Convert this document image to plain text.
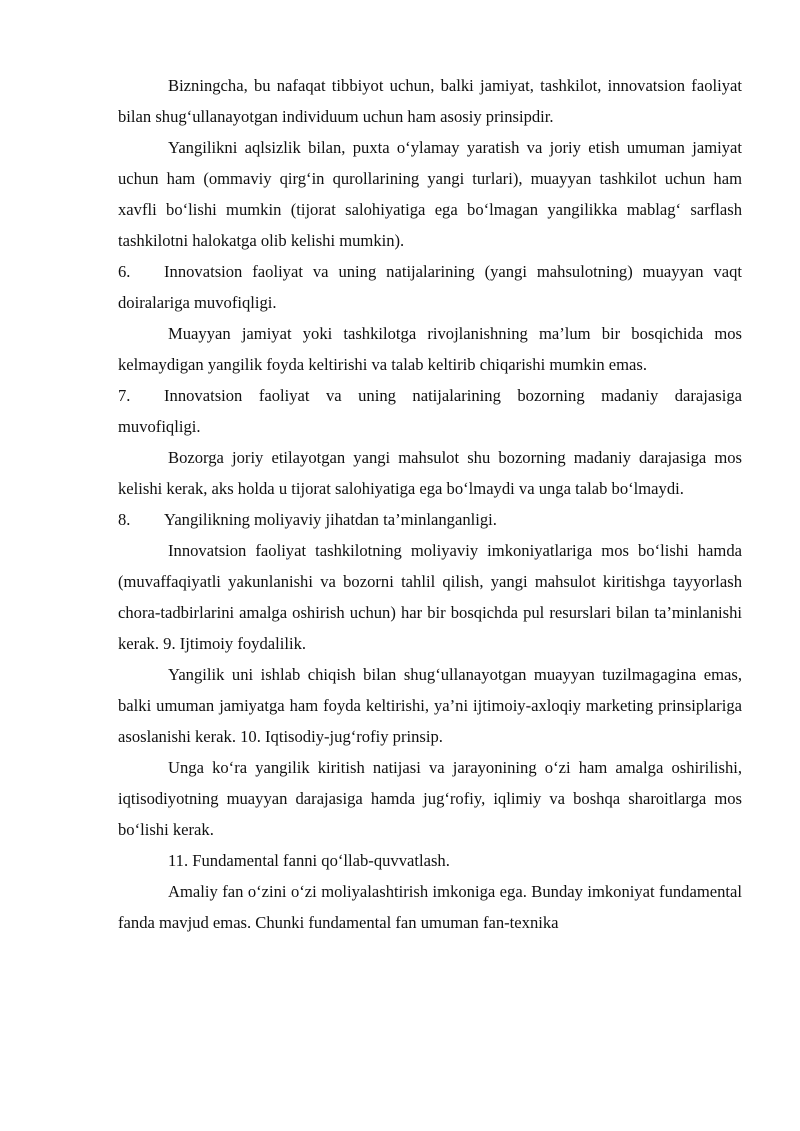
Bizningcha, bu nafaqat tibbiyot uchun, balki jamiyat, tashkilot, innovatsion faoliyat bilan shug‘ullanayotgan individuum uchun ham asosiy prinsipdir.

Yangilikni aqlsizlik bilan, puxta o‘ylamay yaratish va joriy etish umuman jamiyat uchun ham (ommaviy qirg‘in qurollarining yangi turlari), muayyan tashkilot uchun ham xavfli bo‘lishi mumkin (tijorat salohiyatiga ega bo‘lmagan yangilikka mablag‘ sarflash tashkilotni halokatga olib kelishi mumkin).

6. Innovatsion faoliyat va uning natijalarining (yangi mahsulotning) muayyan vaqt doiralariga muvofiqligi.

Muayyan jamiyat yoki tashkilotga rivojlanishning ma’lum bir bosqichida mos kelmaydigan yangilik foyda keltirishi va talab keltirib chiqarishi mumkin emas.

7. Innovatsion faoliyat va uning natijalarining bozorning madaniy darajasiga muvofiqligi.

Bozorga joriy etilayotgan yangi mahsulot shu bozorning madaniy darajasiga mos kelishi kerak, aks holda u tijorat salohiyatiga ega bo‘lmaydi va unga talab bo‘lmaydi.

8. Yangilikning moliyaviy jihatdan ta’minlanganligi.

Innovatsion faoliyat tashkilotning moliyaviy imkoniyatlariga mos bo‘lishi hamda (muvaffaqiyatli yakunlanishi va bozorni tahlil qilish, yangi mahsulot kiritishga tayyorlash chora-tadbirlarini amalga oshirish uchun) har bir bosqichda pul resurslari bilan ta’minlanishi kerak. 9. Ijtimoiy foydalilik.

Yangilik uni ishlab chiqish bilan shug‘ullanayotgan muayyan tuzilmagagina emas, balki umuman jamiyatga ham foyda keltirishi, ya’ni ijtimoiy-axloqiy marketing prinsiplariga asoslanishi kerak. 10. Iqtisodiy-jug‘rofiy prinsip.

Unga ko‘ra yangilik kiritish natijasi va jarayonining o‘zi ham amalga oshirilishi, iqtisodiyotning muayyan darajasiga hamda jug‘rofiy, iqlimiy va boshqa sharoitlarga mos bo‘lishi kerak.

11. Fundamental fanni qo‘llab-quvvatlash.

Amaliy fan o‘zini o‘zi moliyalashtirish imkoniga ega. Bunday imkoniyat fundamental fanda mavjud emas. Chunki fundamental fan umuman fan-texnika
